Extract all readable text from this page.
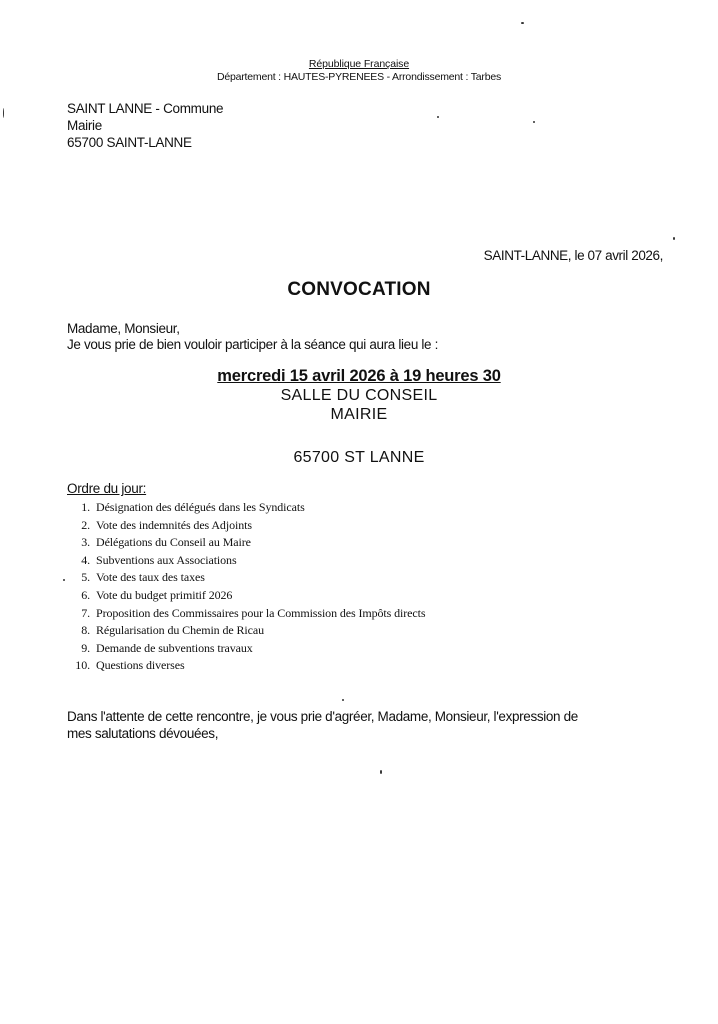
République Française
Département : HAUTES-PYRENEES - Arrondissement : Tarbes
SAINT LANNE - Commune
Mairie
65700 SAINT-LANNE
SAINT-LANNE, le 07 avril 2026,
CONVOCATION
Madame, Monsieur,
Je vous prie de bien vouloir participer à la séance qui aura lieu le :
mercredi 15 avril 2026 à 19 heures 30
SALLE DU CONSEIL
MAIRIE
65700 ST LANNE
Ordre du jour:
1. Désignation des délégués dans les Syndicats
2. Vote des indemnités des Adjoints
3. Délégations du Conseil au Maire
4. Subventions aux Associations
5. Vote des taux des taxes
6. Vote du budget primitif 2026
7. Proposition des Commissaires pour la Commission des Impôts directs
8. Régularisation du Chemin de Ricau
9. Demande de subventions travaux
10. Questions diverses
Dans l'attente de cette rencontre, je vous prie d'agréer, Madame, Monsieur, l'expression de
mes salutations dévouées,
